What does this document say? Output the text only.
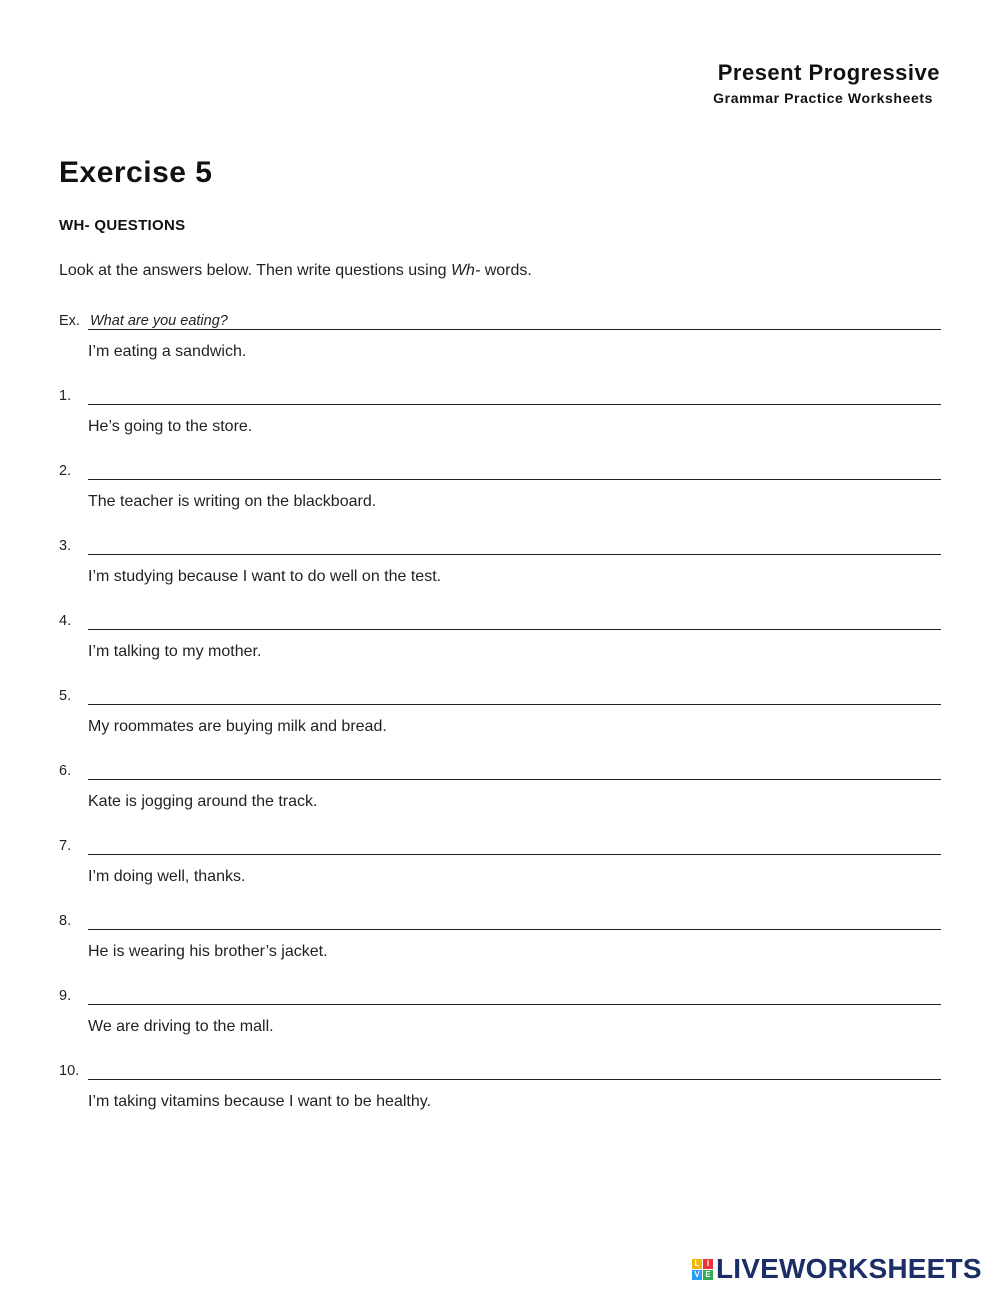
Present Progressive
Grammar Practice Worksheets
Exercise 5
WH- QUESTIONS
Look at the answers below. Then write questions using Wh- words.
Ex. What are you eating?
I’m eating a sandwich.
1.
He’s going to the store.
2.
The teacher is writing on the blackboard.
3.
I’m studying because I want to do well on the test.
4.
I’m talking to my mother.
5.
My roommates are buying milk and bread.
6.
Kate is jogging around the track.
7.
I’m doing well, thanks.
8.
He is wearing his brother’s jacket.
9.
We are driving to the mall.
10.
I’m taking vitamins because I want to be healthy.
L I
V E LIVEWORKSHEETS
